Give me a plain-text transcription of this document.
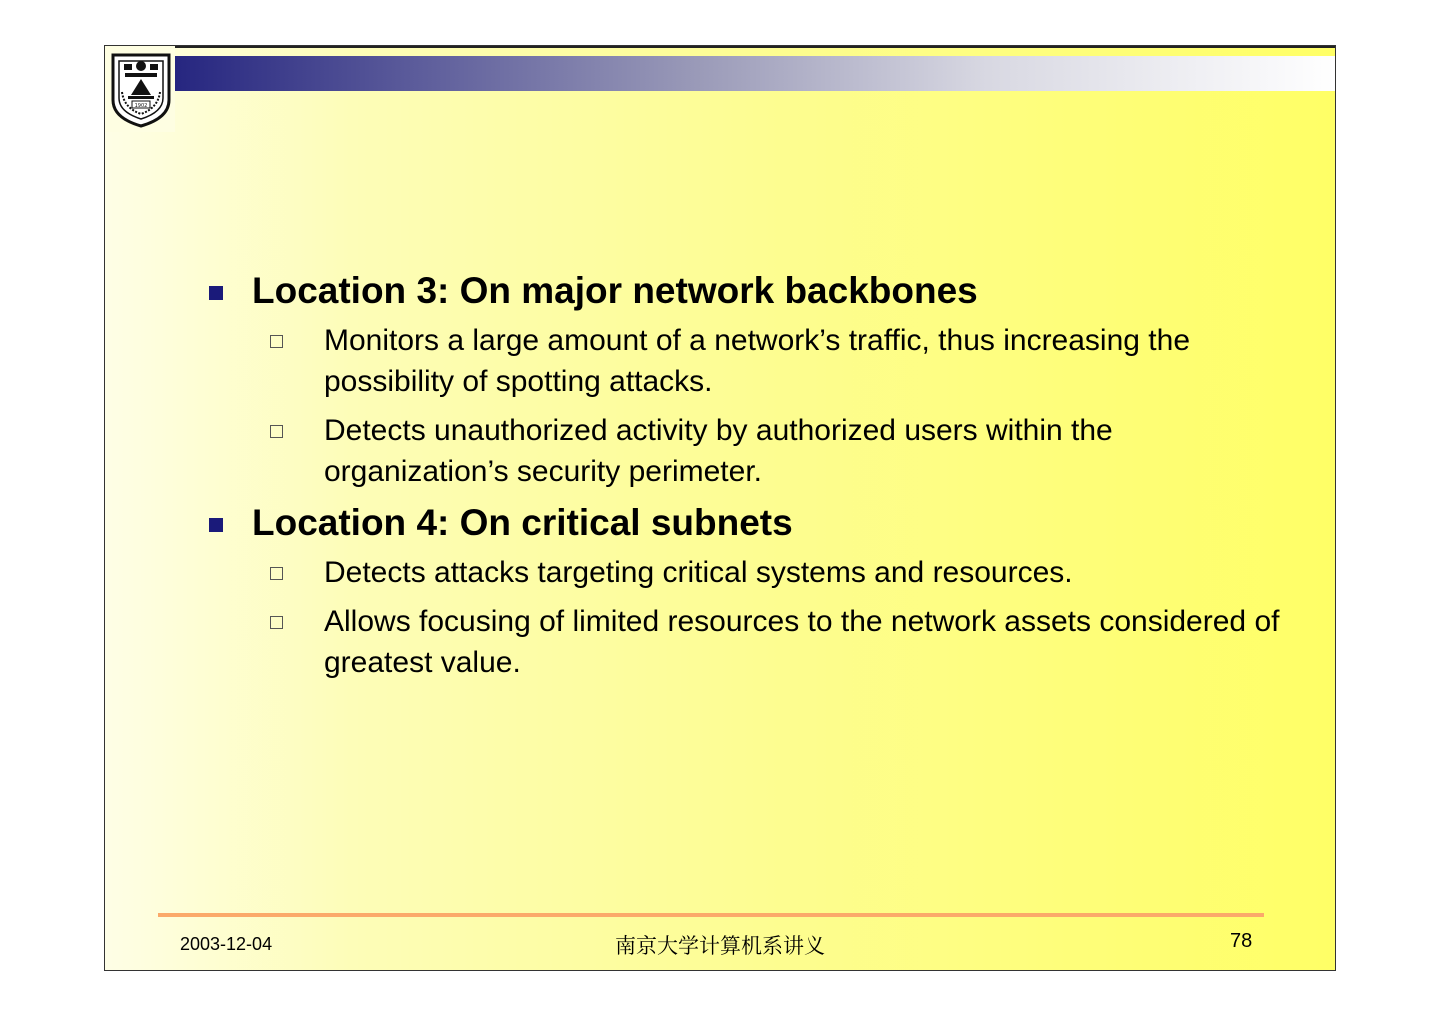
1902
Location 3: On major network backbones
Monitors a large amount of a network’s traffic, thus increasing the possibility of spotting attacks.
Detects unauthorized activity by authorized users within the organization’s security perimeter.
Location 4: On critical subnets
Detects attacks targeting critical systems and resources.
Allows focusing of limited resources to the network assets considered of greatest value.
2003-12-04	南京大学计算机系讲义	78
